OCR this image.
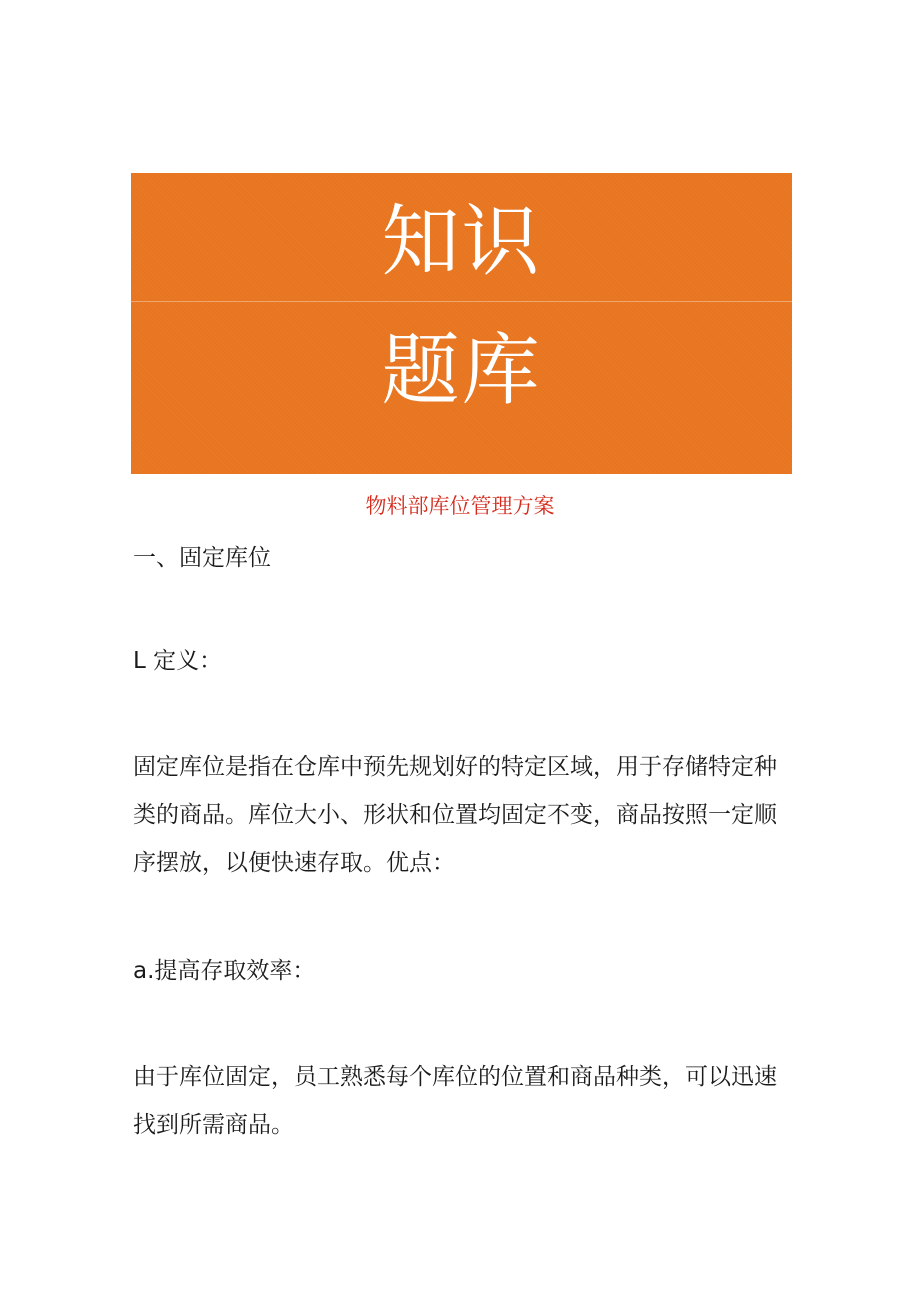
知识
题库
物料部库位管理方案

一、固定库位

L 定义：

固定库位是指在仓库中预先规划好的特定区域，用于存储特定种类的商品。库位大小、形状和位置均固定不变，商品按照一定顺序摆放，以便快速存取。优点：

a.提高存取效率：

由于库位固定，员工熟悉每个库位的位置和商品种类，可以迅速找到所需商品。
